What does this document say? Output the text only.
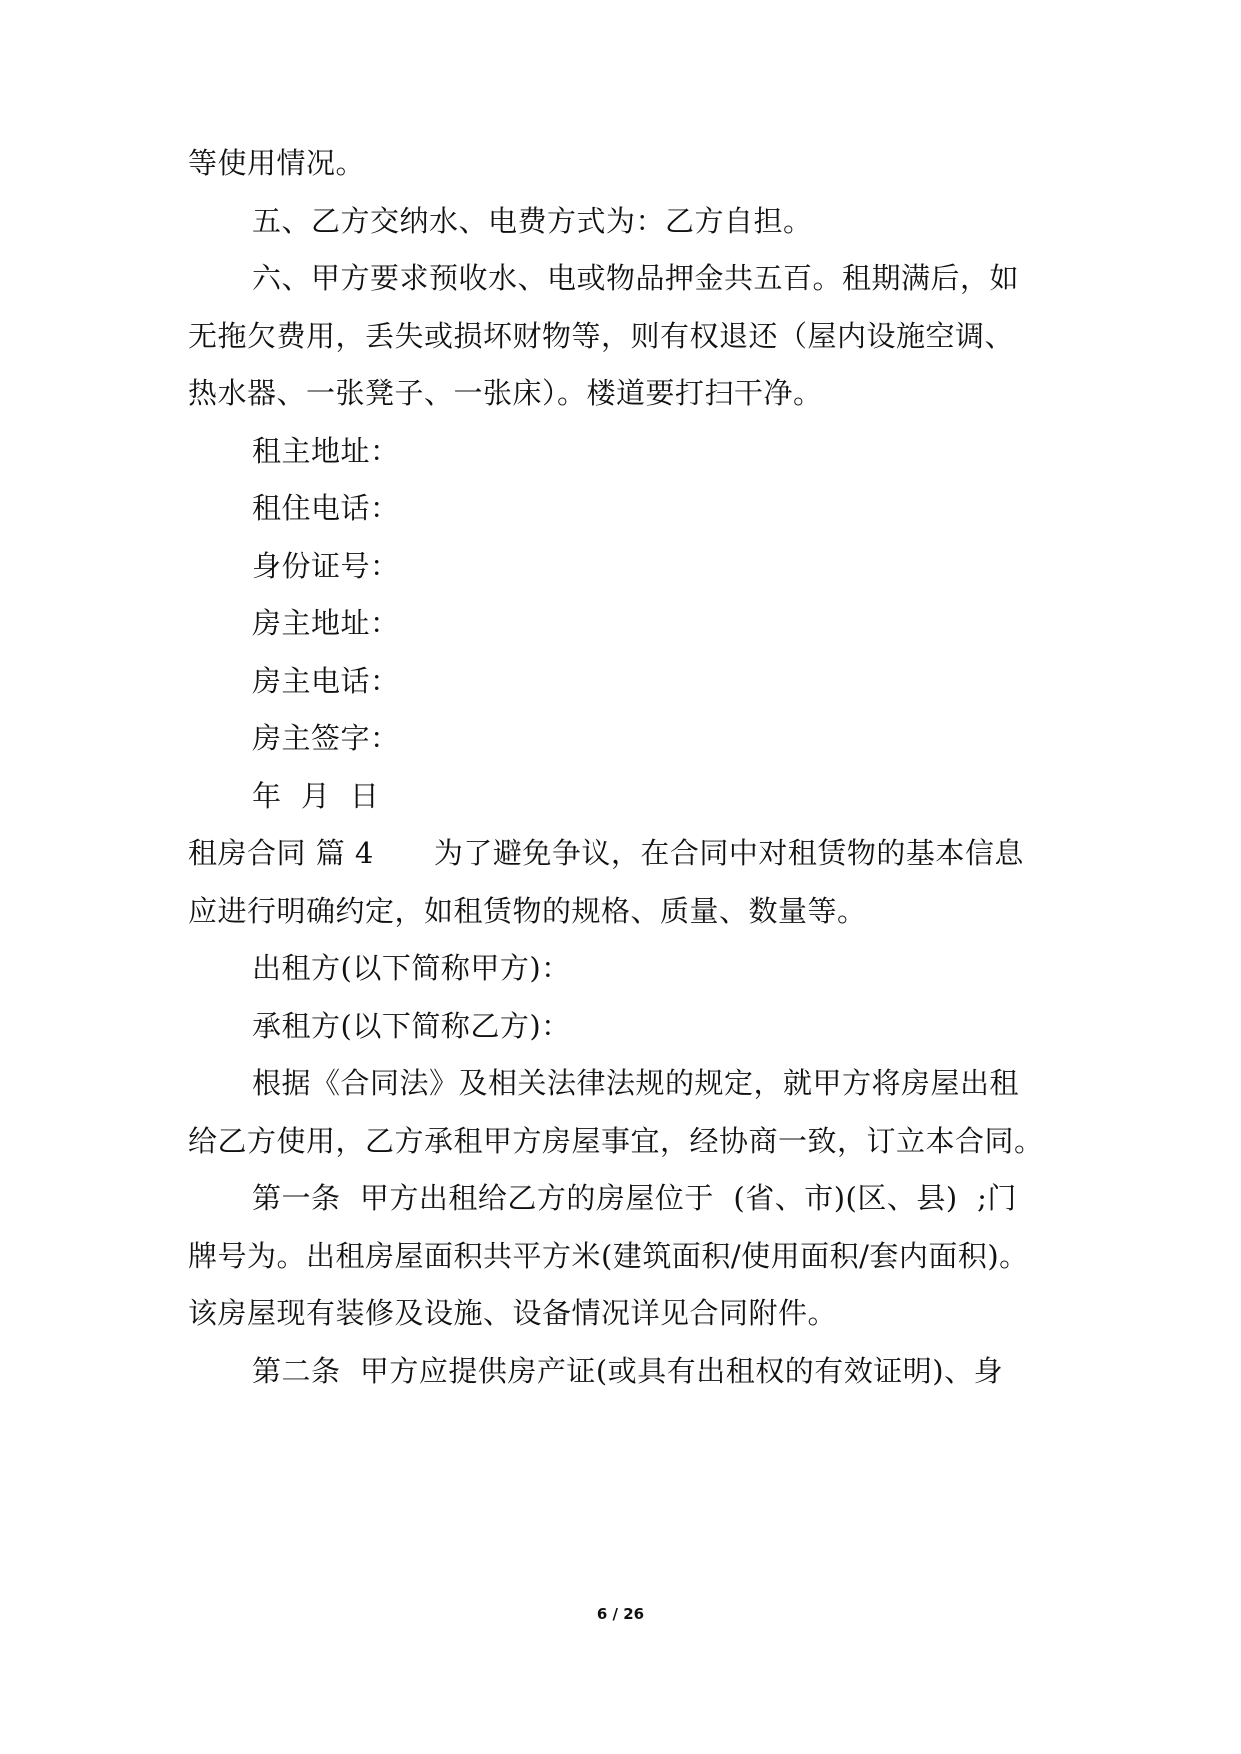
等使用情况。
五、乙方交纳水、电费方式为：乙方自担。
六、甲方要求预收水、电或物品押金共五百。租期满后，如
无拖欠费用，丢失或损坏财物等，则有权退还（屋内设施空调、
热水器、一张凳子、一张床）。楼道要打扫干净。
租主地址：
租住电话：
身份证号：
房主地址：
房主电话：
房主签字：
年  月  日
租房合同 篇 4 为了避免争议，在合同中对租赁物的基本信息
应进行明确约定，如租赁物的规格、质量、数量等。
出租方(以下简称甲方)：
承租方(以下简称乙方)：
根据《合同法》及相关法律法规的规定，就甲方将房屋出租
给乙方使用，乙方承租甲方房屋事宜，经协商一致，订立本合同。
第一条  甲方出租给乙方的房屋位于  (省、市)(区、县)  ;门
牌号为。出租房屋面积共平方米(建筑面积/使用面积/套内面积)。
该房屋现有装修及设施、设备情况详见合同附件。
第二条  甲方应提供房产证(或具有出租权的有效证明)、身
6 / 26
